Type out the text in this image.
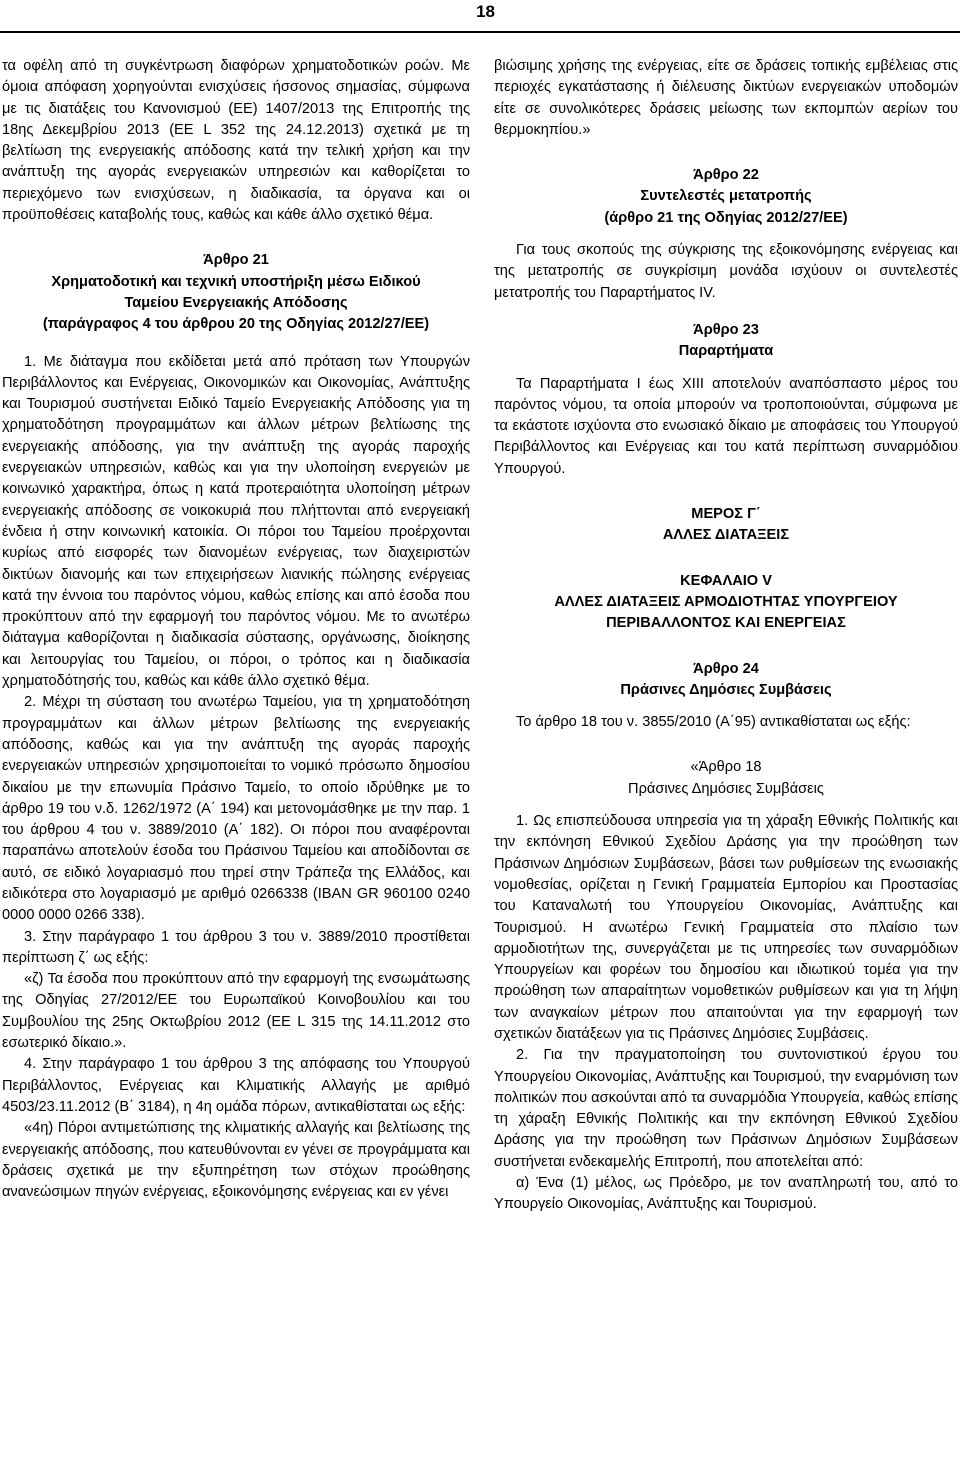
18

τα οφέλη από τη συγκέντρωση διαφόρων χρηματοδοτικών ροών. Με όμοια απόφαση χορηγούνται ενισχύσεις ήσσονος σημασίας, σύμφωνα με τις διατάξεις του Κανονισμού (ΕΕ) 1407/2013 της Επιτροπής της 18ης Δεκεμβρίου 2013 (ΕΕ L 352 της 24.12.2013) σχετικά με τη βελτίωση της ενεργειακής απόδοσης κατά την τελική χρήση και την ανάπτυξη της αγοράς ενεργειακών υπηρεσιών και καθορίζεται το περιεχόμενο των ενισχύσεων, η διαδικασία, τα όργανα και οι προϋποθέσεις καταβολής τους, καθώς και κάθε άλλο σχετικό θέμα.

Άρθρο 21

Χρηματοδοτική και τεχνική υποστήριξη μέσω Ειδικού

Ταμείου Ενεργειακής Απόδοσης

(παράγραφος 4 του άρθρου 20 της Οδηγίας 2012/27/ΕΕ)

1. Με διάταγμα που εκδίδεται μετά από πρόταση των Υπουργών Περιβάλλοντος και Ενέργειας, Οικονομικών και Οικονομίας, Ανάπτυξης και Τουρισμού συστήνεται Ειδικό Ταμείο Ενεργειακής Απόδοσης για τη χρηματοδότηση προγραμμάτων και άλλων μέτρων βελτίωσης της ενεργειακής απόδοσης, για την ανάπτυξη της αγοράς παροχής ενεργειακών υπηρεσιών, καθώς και για την υλοποίηση ενεργειών με κοινωνικό χαρακτήρα, όπως η κατά προτεραιότητα υλοποίηση μέτρων ενεργειακής απόδοσης σε νοικοκυριά που πλήττονται από ενεργειακή ένδεια ή στην κοινωνική κατοικία. Οι πόροι του Ταμείου προέρχονται κυρίως από εισφορές των διανομέων ενέργειας, των διαχειριστών δικτύων διανομής και των επιχειρήσεων λιανικής πώλησης ενέργειας κατά την έννοια του παρόντος νόμου, καθώς επίσης και από έσοδα που προκύπτουν από την εφαρμογή του παρόντος νόμου. Με το ανωτέρω διάταγμα καθορίζονται η διαδικασία σύστασης, οργάνωσης, διοίκησης και λειτουργίας του Ταμείου, οι πόροι, ο τρόπος και η διαδικασία χρηματοδότησής του, καθώς και κάθε άλλο σχετικό θέμα.

2. Μέχρι τη σύσταση του ανωτέρω Ταμείου, για τη χρηματοδότηση προγραμμάτων και άλλων μέτρων βελτίωσης της ενεργειακής απόδοσης, καθώς και για την ανάπτυξη της αγοράς παροχής ενεργειακών υπηρεσιών χρησιμοποιείται το νομικό πρόσωπο δημοσίου δικαίου με την επωνυμία Πράσινο Ταμείο, το οποίο ιδρύθηκε με το άρθρο 19 του ν.δ. 1262/1972 (Α΄ 194) και μετονομάσθηκε με την παρ. 1 του άρθρου 4 του ν. 3889/2010 (Α΄ 182). Οι πόροι που αναφέρονται παραπάνω αποτελούν έσοδα του Πράσινου Ταμείου και αποδίδονται σε αυτό, σε ειδικό λογαριασμό που τηρεί στην Τράπεζα της Ελλάδος, και ειδικότερα στο λογαριασμό με αριθμό 0266338 (IBAN GR 960100 0240 0000 0000 0266 338).

3. Στην παράγραφο 1 του άρθρου 3 του ν. 3889/2010 προστίθεται περίπτωση ζ΄ ως εξής:

«ζ) Τα έσοδα που προκύπτουν από την εφαρμογή της ενσωμάτωσης της Οδηγίας 27/2012/ΕΕ του Ευρωπαϊκού Κοινοβουλίου και του Συμβουλίου της 25ης Οκτωβρίου 2012 (ΕΕ L 315 της 14.11.2012 στο εσωτερικό δίκαιο.».

4. Στην παράγραφο 1 του άρθρου 3 της απόφασης του Υπουργού Περιβάλλοντος, Ενέργειας και Κλιματικής Αλλαγής με αριθμό 4503/23.11.2012 (Β΄ 3184), η 4η ομάδα πόρων, αντικαθίσταται ως εξής:

«4η) Πόροι αντιμετώπισης της κλιματικής αλλαγής και βελτίωσης της ενεργειακής απόδοσης, που κατευθύνονται εν γένει σε προγράμματα και δράσεις σχετικά με την εξυπηρέτηση των στόχων προώθησης ανανεώσιμων πηγών ενέργειας, εξοικονόμησης ενέργειας και εν γένει

βιώσιμης χρήσης της ενέργειας, είτε σε δράσεις τοπικής εμβέλειας στις περιοχές εγκατάστασης ή διέλευσης δικτύων ενεργειακών υποδομών είτε σε συνολικότερες δράσεις μείωσης των εκπομπών αερίων του θερμοκηπίου.»

Άρθρο 22

Συντελεστές μετατροπής

(άρθρο 21 της Οδηγίας 2012/27/ΕΕ)

Για τους σκοπούς της σύγκρισης της εξοικονόμησης ενέργειας και της μετατροπής σε συγκρίσιμη μονάδα ισχύουν οι συντελεστές μετατροπής του Παραρτήματος IV.

Άρθρο 23

Παραρτήματα

Τα Παραρτήματα Ι έως ΧΙΙΙ αποτελούν αναπόσπαστο μέρος του παρόντος νόμου, τα οποία μπορούν να τροποποιούνται, σύμφωνα με τα εκάστοτε ισχύοντα στο ενωσιακό δίκαιο με αποφάσεις του Υπουργού Περιβάλλοντος και Ενέργειας και του κατά περίπτωση συναρμόδιου Υπουργού.

ΜΕΡΟΣ Γ΄

ΑΛΛΕΣ ΔΙΑΤΑΞΕΙΣ

ΚΕΦΑΛΑΙΟ V

ΑΛΛΕΣ ΔΙΑΤΑΞΕΙΣ ΑΡΜΟΔΙΟΤΗΤΑΣ ΥΠΟΥΡΓΕΙΟΥ

ΠΕΡΙΒΑΛΛΟΝΤΟΣ ΚΑΙ ΕΝΕΡΓΕΙΑΣ

Άρθρο 24

Πράσινες Δημόσιες Συμβάσεις

Το άρθρο 18 του ν. 3855/2010 (Α΄95) αντικαθίσταται ως εξής:

«Άρθρο 18

Πράσινες Δημόσιες Συμβάσεις

1. Ως επισπεύδουσα υπηρεσία για τη χάραξη Εθνικής Πολιτικής και την εκπόνηση Εθνικού Σχεδίου Δράσης για την προώθηση των Πράσινων Δημόσιων Συμβάσεων, βάσει των ρυθμίσεων της ενωσιακής νομοθεσίας, ορίζεται η Γενική Γραμματεία Εμπορίου και Προστασίας του Καταναλωτή του Υπουργείου Οικονομίας, Ανάπτυξης και Τουρισμού. Η ανωτέρω Γενική Γραμματεία στο πλαίσιο των αρμοδιοτήτων της, συνεργάζεται με τις υπηρεσίες των συναρμόδιων Υπουργείων και φορέων του δημοσίου και ιδιωτικού τομέα για την προώθηση των απαραίτητων νομοθετικών ρυθμίσεων και για τη λήψη των αναγκαίων μέτρων που απαιτούνται για την εφαρμογή των σχετικών διατάξεων για τις Πράσινες Δημόσιες Συμβάσεις.

2. Για την πραγματοποίηση του συντονιστικού έργου του Υπουργείου Οικονομίας, Ανάπτυξης και Τουρισμού, την εναρμόνιση των πολιτικών που ασκούνται από τα συναρμόδια Υπουργεία, καθώς επίσης τη χάραξη Εθνικής Πολιτικής και την εκπόνηση Εθνικού Σχεδίου Δράσης για την προώθηση των Πράσινων Δημόσιων Συμβάσεων συστήνεται ενδεκαμελής Επιτροπή, που αποτελείται από:

α) Ένα (1) μέλος, ως Πρόεδρο, με τον αναπληρωτή του, από το Υπουργείο Οικονομίας, Ανάπτυξης και Τουρισμού.
